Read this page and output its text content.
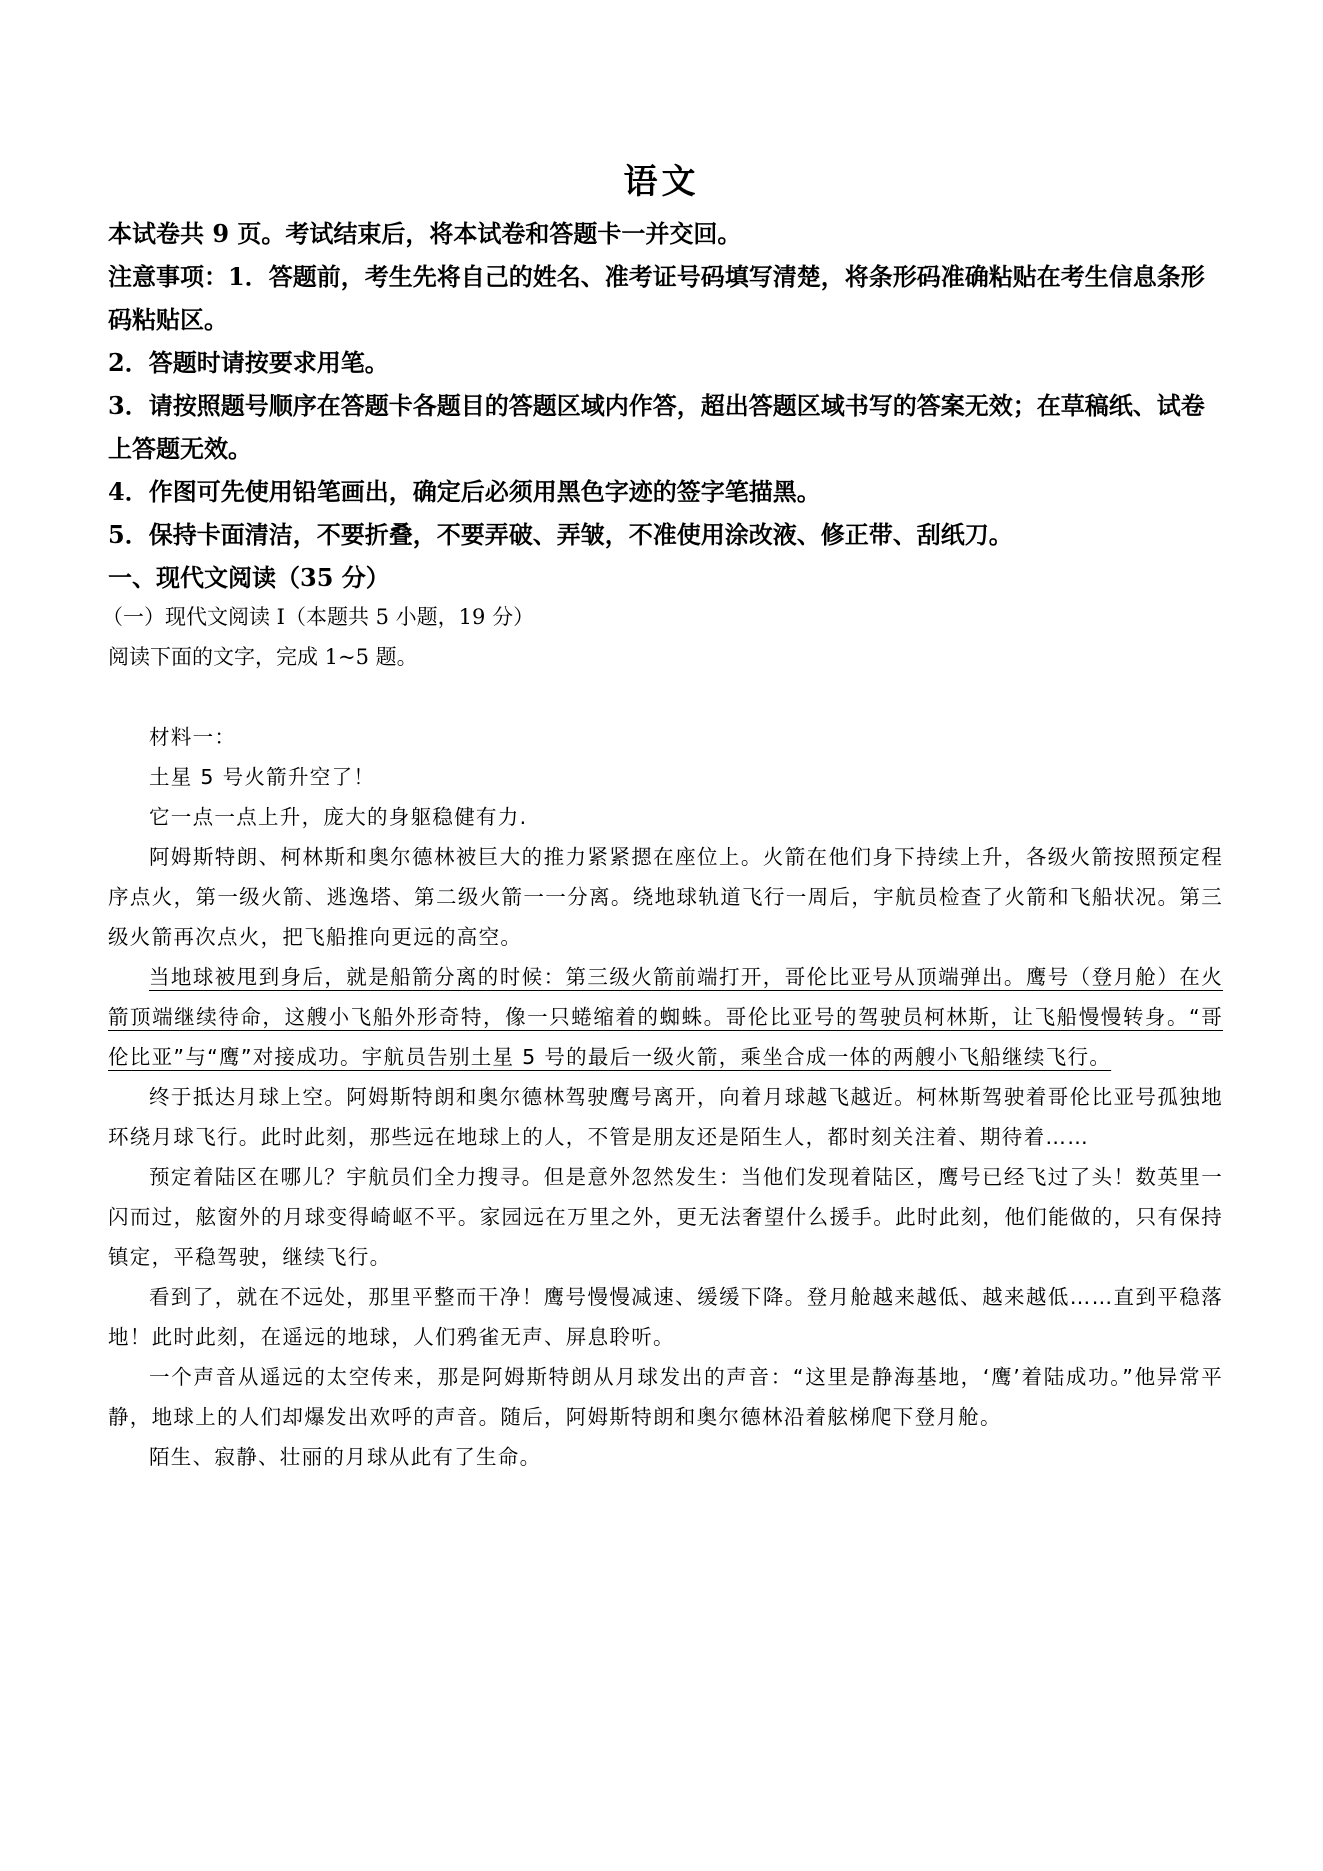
语文

本试卷共 9 页。考试结束后，将本试卷和答题卡一并交回。

注意事项：1．答题前，考生先将自己的姓名、准考证号码填写清楚，将条形码准确粘贴在考生信息条形码粘贴区。

2．答题时请按要求用笔。

3．请按照题号顺序在答题卡各题目的答题区域内作答，超出答题区域书写的答案无效；在草稿纸、试卷上答题无效。

4．作图可先使用铅笔画出，确定后必须用黑色字迹的签字笔描黑。

5．保持卡面清洁，不要折叠，不要弄破、弄皱，不准使用涂改液、修正带、刮纸刀。

一、现代文阅读（35 分）

（一）现代文阅读 I（本题共 5 小题，19 分）

阅读下面的文字，完成 1~5 题。

材料一：

土星 5 号火箭升空了！

它一点一点上升，庞大的身躯稳健有力.

阿姆斯特朗、柯林斯和奥尔德林被巨大的推力紧紧摁在座位上。火箭在他们身下持续上升，各级火箭按照预定程序点火，第一级火箭、逃逸塔、第二级火箭一一分离。绕地球轨道飞行一周后，宇航员检查了火箭和飞船状况。第三级火箭再次点火，把飞船推向更远的高空。

当地球被甩到身后，就是船箭分离的时候：第三级火箭前端打开，哥伦比亚号从顶端弹出。鹰号（登月舱）在火箭顶端继续待命，这艘小飞船外形奇特，像一只蜷缩着的蜘蛛。哥伦比亚号的驾驶员柯林斯，让飞船慢慢转身。“哥伦比亚”与“鹰”对接成功。宇航员告别土星 5 号的最后一级火箭，乘坐合成一体的两艘小飞船继续飞行。

终于抵达月球上空。阿姆斯特朗和奥尔德林驾驶鹰号离开，向着月球越飞越近。柯林斯驾驶着哥伦比亚号孤独地环绕月球飞行。此时此刻，那些远在地球上的人，不管是朋友还是陌生人，都时刻关注着、期待着……

预定着陆区在哪儿？宇航员们全力搜寻。但是意外忽然发生：当他们发现着陆区，鹰号已经飞过了头！数英里一闪而过，舷窗外的月球变得崎岖不平。家园远在万里之外，更无法奢望什么援手。此时此刻，他们能做的，只有保持镇定，平稳驾驶，继续飞行。

看到了，就在不远处，那里平整而干净！鹰号慢慢减速、缓缓下降。登月舱越来越低、越来越低……直到平稳落地！此时此刻，在遥远的地球，人们鸦雀无声、屏息聆听。

一个声音从遥远的太空传来，那是阿姆斯特朗从月球发出的声音：“这里是静海基地，‘鹰’着陆成功。”他异常平静，地球上的人们却爆发出欢呼的声音。随后，阿姆斯特朗和奥尔德林沿着舷梯爬下登月舱。

陌生、寂静、壮丽的月球从此有了生命。
